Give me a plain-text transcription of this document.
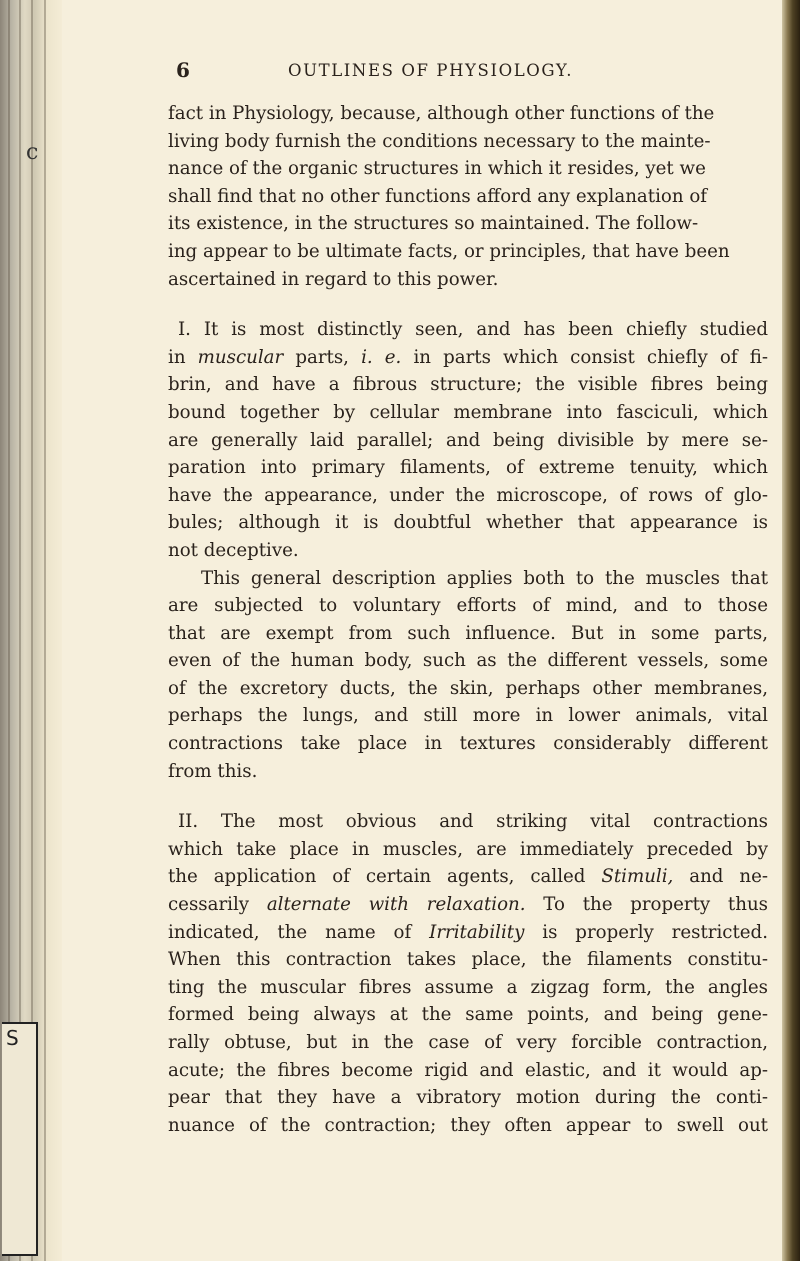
c
S
6	OUTLINES OF PHYSIOLOGY.

fact in Physiology, because, although other functions of the
living body furnish the conditions necessary to the mainte-
nance of the organic structures in which it resides, yet we
shall find that no other functions afford any explanation of
its existence, in the structures so maintained. The follow-
ing appear to be ultimate facts, or principles, that have been
ascertained in regard to this power.

I. It is most distinctly seen, and has been chiefly studied
in muscular parts, i. e. in parts which consist chiefly of fi-
brin, and have a fibrous structure; the visible fibres being
bound together by cellular membrane into fasciculi, which
are generally laid parallel; and being divisible by mere se-
paration into primary filaments, of extreme tenuity, which
have the appearance, under the microscope, of rows of glo-
bules; although it is doubtful whether that appearance is
not deceptive.

This general description applies both to the muscles that
are subjected to voluntary efforts of mind, and to those
that are exempt from such influence. But in some parts,
even of the human body, such as the different vessels, some
of the excretory ducts, the skin, perhaps other membranes,
perhaps the lungs, and still more in lower animals, vital
contractions take place in textures considerably different
from this.

II. The most obvious and striking vital contractions
which take place in muscles, are immediately preceded by
the application of certain agents, called Stimuli, and ne-
cessarily alternate with relaxation. To the property thus
indicated, the name of Irritability is properly restricted.
When this contraction takes place, the filaments constitu-
ting the muscular fibres assume a zigzag form, the angles
formed being always at the same points, and being gene-
rally obtuse, but in the case of very forcible contraction,
acute; the fibres become rigid and elastic, and it would ap-
pear that they have a vibratory motion during the conti-
nuance of the contraction; they often appear to swell out
